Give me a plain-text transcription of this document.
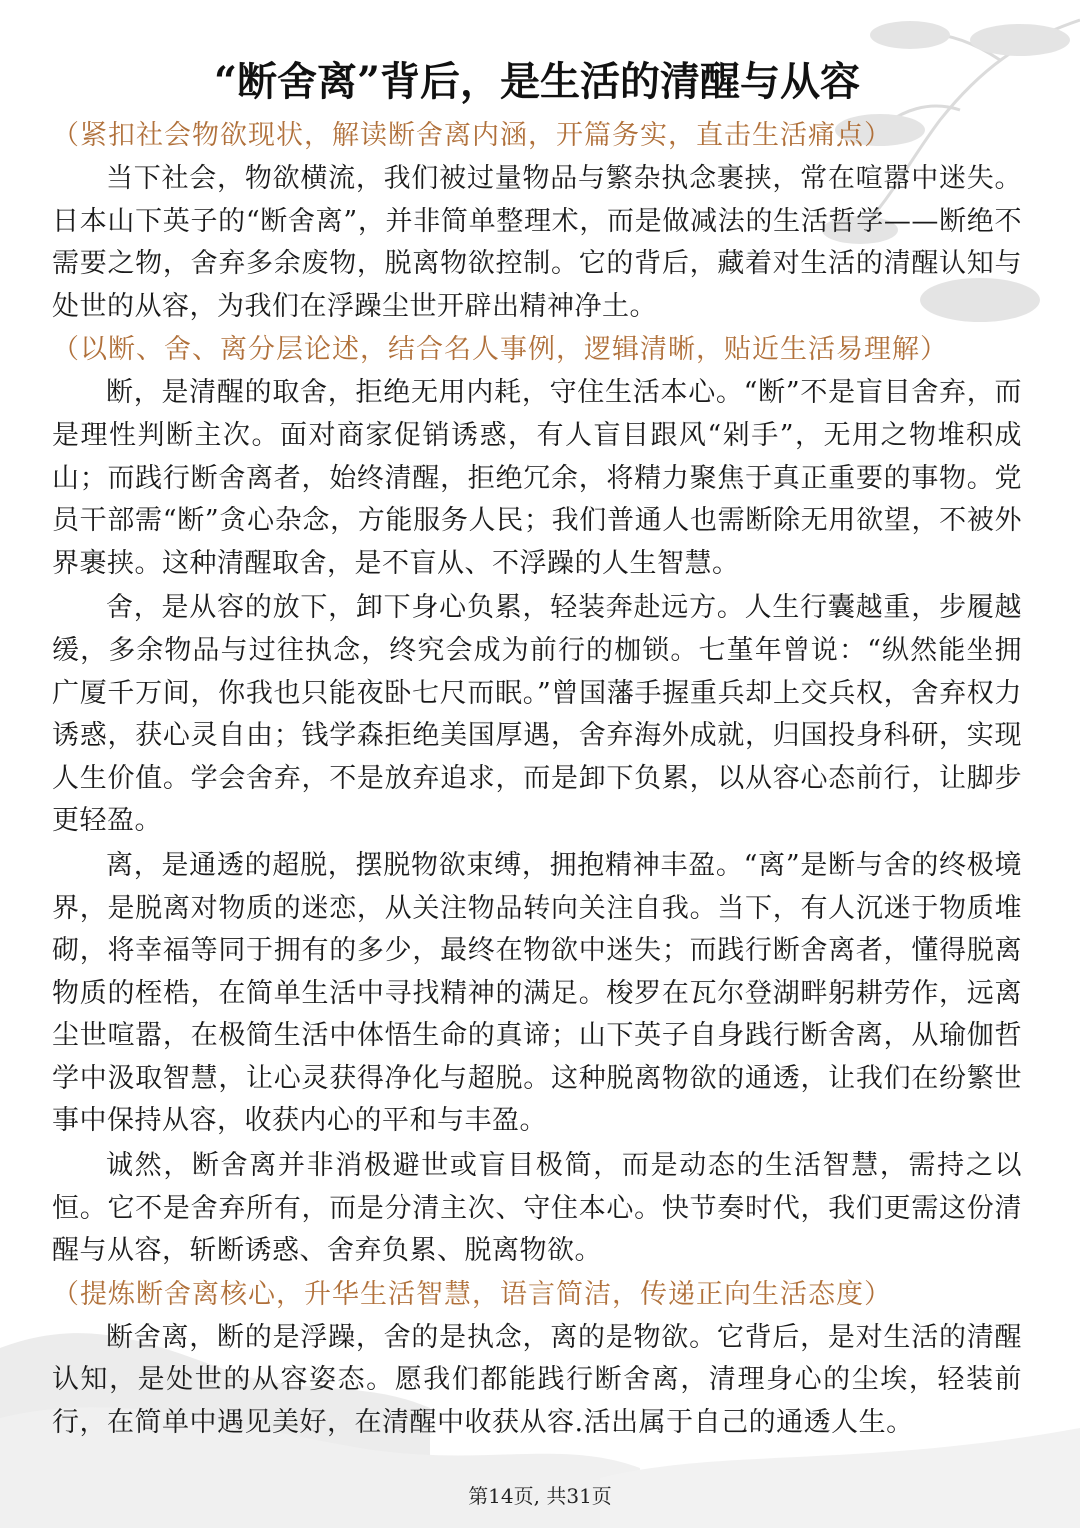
“断舍离”背后，是生活的清醒与从容

（紧扣社会物欲现状，解读断舍离内涵，开篇务实，直击生活痛点）

当下社会，物欲横流，我们被过量物品与繁杂执念裹挟，常在喧嚣中迷失。日本山下英子的“断舍离”，并非简单整理术，而是做减法的生活哲学——断绝不需要之物，舍弃多余废物，脱离物欲控制。它的背后，藏着对生活的清醒认知与处世的从容，为我们在浮躁尘世开辟出精神净土。

（以断、舍、离分层论述，结合名人事例，逻辑清晰，贴近生活易理解）

断，是清醒的取舍，拒绝无用内耗，守住生活本心。“断”不是盲目舍弃，而是理性判断主次。面对商家促销诱惑，有人盲目跟风“剁手”，无用之物堆积成山；而践行断舍离者，始终清醒，拒绝冗余，将精力聚焦于真正重要的事物。党员干部需“断”贪心杂念，方能服务人民；我们普通人也需断除无用欲望，不被外界裹挟。这种清醒取舍，是不盲从、不浮躁的人生智慧。

舍，是从容的放下，卸下身心负累，轻装奔赴远方。人生行囊越重，步履越缓，多余物品与过往执念，终究会成为前行的枷锁。七堇年曾说：“纵然能坐拥广厦千万间，你我也只能夜卧七尺而眠。”曾国藩手握重兵却上交兵权，舍弃权力诱惑，获心灵自由；钱学森拒绝美国厚遇，舍弃海外成就，归国投身科研，实现人生价值。学会舍弃，不是放弃追求，而是卸下负累，以从容心态前行，让脚步更轻盈。

离，是通透的超脱，摆脱物欲束缚，拥抱精神丰盈。“离”是断与舍的终极境界，是脱离对物质的迷恋，从关注物品转向关注自我。当下，有人沉迷于物质堆砌，将幸福等同于拥有的多少，最终在物欲中迷失；而践行断舍离者，懂得脱离物质的桎梏，在简单生活中寻找精神的满足。梭罗在瓦尔登湖畔躬耕劳作，远离尘世喧嚣，在极简生活中体悟生命的真谛；山下英子自身践行断舍离，从瑜伽哲学中汲取智慧，让心灵获得净化与超脱。这种脱离物欲的通透，让我们在纷繁世事中保持从容，收获内心的平和与丰盈。

诚然，断舍离并非消极避世或盲目极简，而是动态的生活智慧，需持之以恒。它不是舍弃所有，而是分清主次、守住本心。快节奏时代，我们更需这份清醒与从容，斩断诱惑、舍弃负累、脱离物欲。

（提炼断舍离核心，升华生活智慧，语言简洁，传递正向生活态度）

断舍离，断的是浮躁，舍的是执念，离的是物欲。它背后，是对生活的清醒认知，是处世的从容姿态。愿我们都能践行断舍离，清理身心的尘埃，轻装前行，在简单中遇见美好，在清醒中收获从容.活出属于自己的通透人生。

第14页, 共31页
